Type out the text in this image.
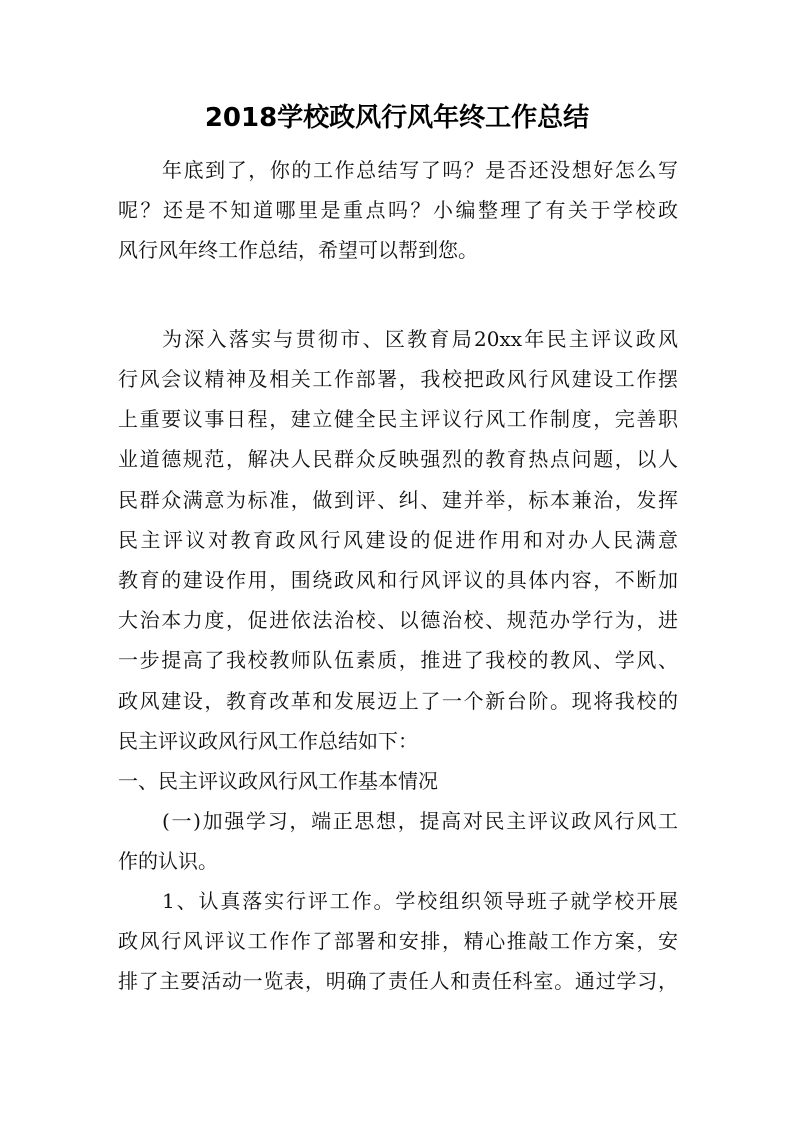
2018学校政风行风年终工作总结
年底到了，你的工作总结写了吗？是否还没想好怎么写
呢？还是不知道哪里是重点吗？小编整理了有关于学校政
风行风年终工作总结，希望可以帮到您。
为深入落实与贯彻市、区教育局20xx年民主评议政风
行风会议精神及相关工作部署，我校把政风行风建设工作摆
上重要议事日程，建立健全民主评议行风工作制度，完善职
业道德规范，解决人民群众反映强烈的教育热点问题，以人
民群众满意为标准，做到评、纠、建并举，标本兼治，发挥
民主评议对教育政风行风建设的促进作用和对办人民满意
教育的建设作用，围绕政风和行风评议的具体内容，不断加
大治本力度，促进依法治校、以德治校、规范办学行为，进
一步提高了我校教师队伍素质，推进了我校的教风、学风、
政风建设，教育改革和发展迈上了一个新台阶。现将我校的
民主评议政风行风工作总结如下：
一、民主评议政风行风工作基本情况
(一)加强学习，端正思想，提高对民主评议政风行风工
作的认识。
1、认真落实行评工作。学校组织领导班子就学校开展
政风行风评议工作作了部署和安排，精心推敲工作方案，安
排了主要活动一览表，明确了责任人和责任科室。通过学习，
